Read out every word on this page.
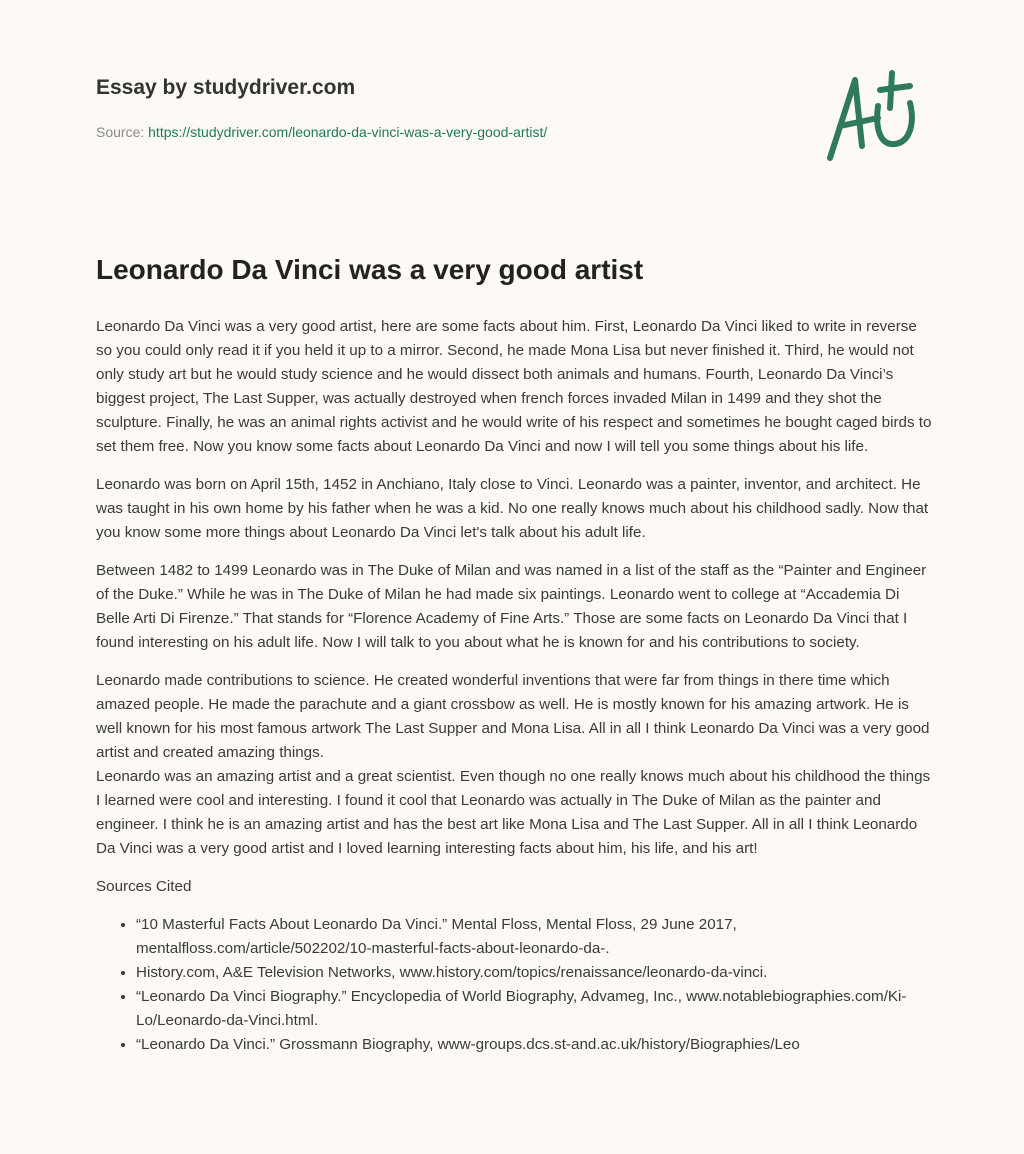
Essay by studydriver.com
Source: https://studydriver.com/leonardo-da-vinci-was-a-very-good-artist/
Leonardo Da Vinci was a very good artist

Leonardo Da Vinci was a very good artist, here are some facts about him. First, Leonardo Da Vinci liked to write in reverse so you could only read it if you held it up to a mirror. Second, he made Mona Lisa but never finished it. Third, he would not only study art but he would study science and he would dissect both animals and humans. Fourth, Leonardo Da Vinci’s biggest project, The Last Supper, was actually destroyed when french forces invaded Milan in 1499 and they shot the sculpture. Finally, he was an animal rights activist and he would write of his respect and sometimes he bought caged birds to set them free. Now you know some facts about Leonardo Da Vinci and now I will tell you some things about his life.

Leonardo was born on April 15th, 1452 in Anchiano, Italy close to Vinci. Leonardo was a painter, inventor, and architect. He was taught in his own home by his father when he was a kid. No one really knows much about his childhood sadly. Now that you know some more things about Leonardo Da Vinci let's talk about his adult life.

Between 1482 to 1499 Leonardo was in The Duke of Milan and was named in a list of the staff as the “Painter and Engineer of the Duke.” While he was in The Duke of Milan he had made six paintings. Leonardo went to college at “Accademia Di Belle Arti Di Firenze.” That stands for “Florence Academy of Fine Arts.” Those are some facts on Leonardo Da Vinci that I found interesting on his adult life. Now I will talk to you about what he is known for and his contributions to society.

Leonardo made contributions to science. He created wonderful inventions that were far from things in there time which amazed people. He made the parachute and a giant crossbow as well. He is mostly known for his amazing artwork. He is well known for his most famous artwork The Last Supper and Mona Lisa. All in all I think Leonardo Da Vinci was a very good artist and created amazing things.
Leonardo was an amazing artist and a great scientist. Even though no one really knows much about his childhood the things I learned were cool and interesting. I found it cool that Leonardo was actually in The Duke of Milan as the painter and engineer. I think he is an amazing artist and has the best art like Mona Lisa and The Last Supper. All in all I think Leonardo Da Vinci was a very good artist and I loved learning interesting facts about him, his life, and his art!

Sources Cited

• “10 Masterful Facts About Leonardo Da Vinci.” Mental Floss, Mental Floss, 29 June 2017, mentalfloss.com/article/502202/10-masterful-facts-about-leonardo-da-.
• History.com, A&E Television Networks, www.history.com/topics/renaissance/leonardo-da-vinci.
• “Leonardo Da Vinci Biography.” Encyclopedia of World Biography, Advameg, Inc., www.notablebiographies.com/Ki-Lo/Leonardo-da-Vinci.html.
• “Leonardo Da Vinci.” Grossmann Biography, www-groups.dcs.st-and.ac.uk/history/Biographies/Leo
